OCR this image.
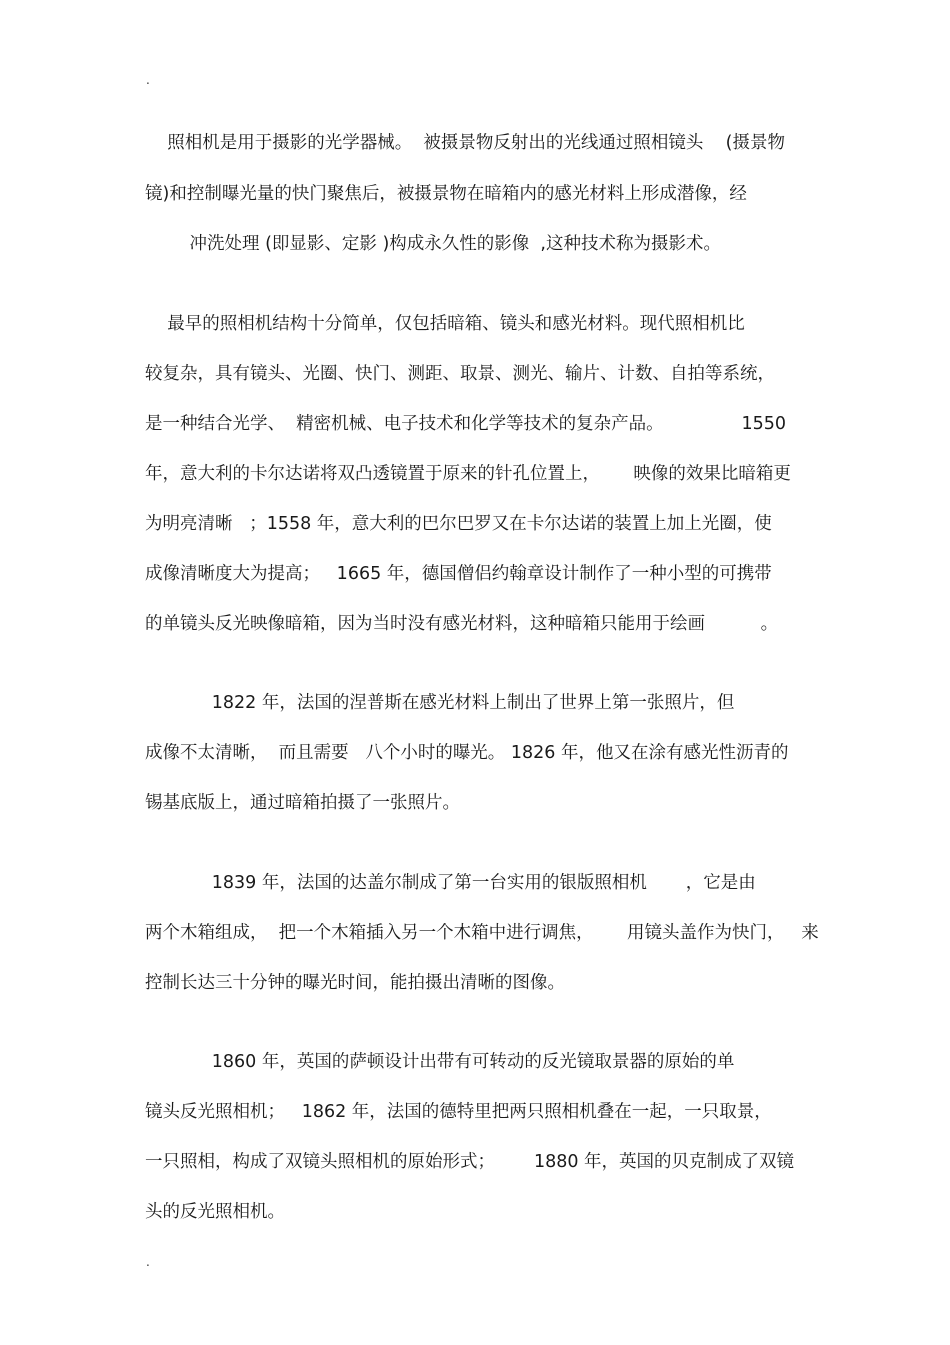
.
照相机是用于摄影的光学器械。  被摄景物反射出的光线通过照相镜头    (摄景物
镜)和控制曝光量的快门聚焦后，被摄景物在暗箱内的感光材料上形成潜像，经
冲洗处理 (即显影、定影 )构成永久性的影像  ,这种技术称为摄影术。
最早的照相机结构十分简单，仅包括暗箱、镜头和感光材料。现代照相机比
较复杂，具有镜头、光圈、快门、测距、取景、测光、输片、计数、自拍等系统，
是一种结合光学、  精密机械、电子技术和化学等技术的复杂产品。              1550
年，意大利的卡尔达诺将双凸透镜置于原来的针孔位置上，      映像的效果比暗箱更
为明亮清晰   ；1558 年，意大利的巴尔巴罗又在卡尔达诺的装置上加上光圈，使
成像清晰度大为提高；   1665 年，德国僧侣约翰章设计制作了一种小型的可携带
的单镜头反光映像暗箱，因为当时没有感光材料，这种暗箱只能用于绘画          。
1822 年，法国的涅普斯在感光材料上制出了世界上第一张照片，但
成像不太清晰，  而且需要   八个小时的曝光。 1826 年，他又在涂有感光性沥青的
锡基底版上，通过暗箱拍摄了一张照片。
1839 年，法国的达盖尔制成了第一台实用的银版照相机       ，它是由
两个木箱组成，  把一个木箱插入另一个木箱中进行调焦，      用镜头盖作为快门，   来
控制长达三十分钟的曝光时间，能拍摄出清晰的图像。
1860 年，英国的萨顿设计出带有可转动的反光镜取景器的原始的单
镜头反光照相机；   1862 年，法国的德特里把两只照相机叠在一起，一只取景，
一只照相，构成了双镜头照相机的原始形式；       1880 年，英国的贝克制成了双镜
头的反光照相机。
.
